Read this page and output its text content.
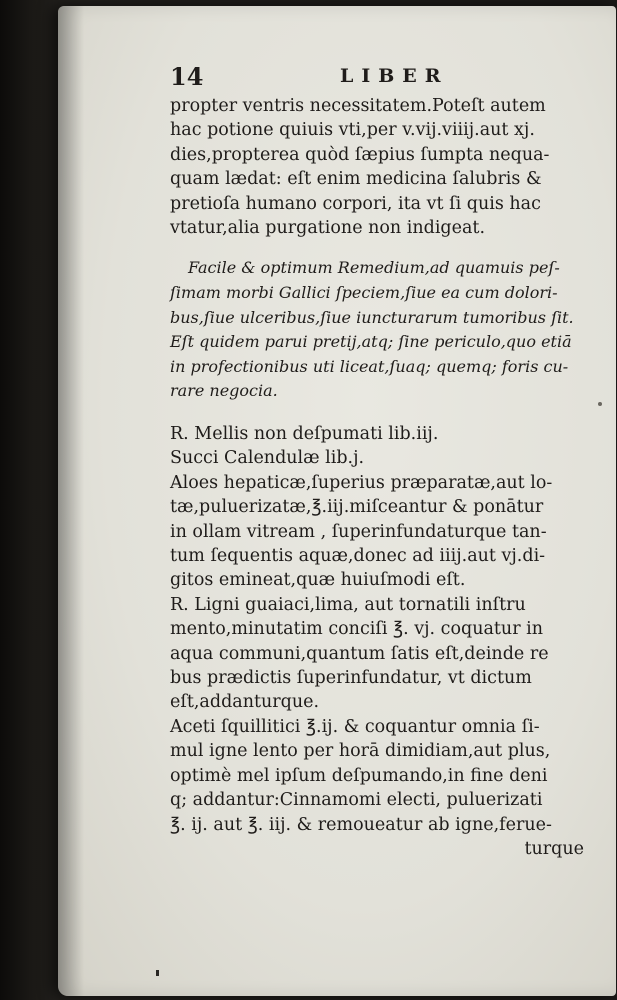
14	LIBER
propter ventris necessitatem.Poteſt autem
hac potione quiuis vti,per v.vij.viiij.aut xj.
dies,propterea quòd ſæpius ſumpta nequa-
quam lædat: eſt enim medicina ſalubris &
pretioſa humano corpori, ita vt ſi quis hac
vtatur,alia purgatione non indigeat.
Facile & optimum Remedium,ad quamuis peſ-
ſimam morbi Gallici ſpeciem,ſiue ea cum dolori-
bus,ſiue ulceribus,ſiue iuncturarum tumoribus ſit.
Eſt quidem parui pretij,atq; ſine periculo,quo etiā
in profectionibus uti liceat,ſuaq; quemq; foris cu-
rare negocia.
R. Mellis non deſpumati lib.iij.
Succi Calendulæ lib.j.
Aloes hepaticæ,ſuperius præparatæ,aut lo-
tæ,puluerizatæ,℥.iij.miſceantur & ponātur
in ollam vitream , ſuperinfundaturque tan-
tum ſequentis aquæ,donec ad iiij.aut vj.di-
gitos emineat,quæ huiuſmodi eſt.
R. Ligni guaiaci,lima, aut tornatili inſtru
mento,minutatim conciſi ℥. vj. coquatur in
aqua communi,quantum ſatis eſt,deinde re
bus prædictis ſuperinfundatur, vt dictum
eſt,addanturque.
Aceti ſquillitici ℥.ij. & coquantur omnia ſi-
mul igne lento per horā dimidiam,aut plus,
optimè mel ipſum deſpumando,in fine deni
q; addantur:Cinnamomi electi, puluerizati
℥. ij. aut ℥. iij. & remoueatur ab igne,ferue-
turque
